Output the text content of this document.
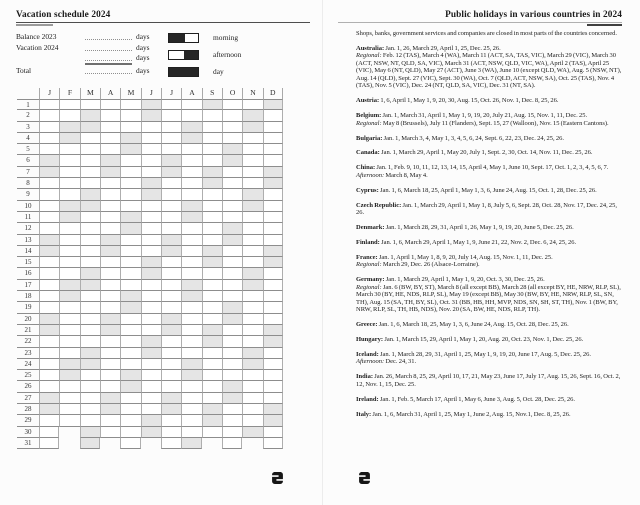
Vacation schedule 2024
Balance 2023	days
Vacation 2024	days
days
Total	days
morning
afternoon
day
J	F	M	A	M	J	J	A	S	O	N	D
1
2
3
4
5
6
7
8
9
10
11
12
13
14
15
16
17
18
19
20
21
22
23
24
25
26
27
28
29
30
31
Public holidays in various countries in 2024

Shops, banks, government services and companies are closed in most parts of the countries concerned.

Australia: Jan. 1, 26, March 29, April 1, 25, Dec. 25, 26.
Regional: Feb. 12 (TAS), March 4 (WA), March 11 (ACT, SA, TAS, VIC), March 29 (VIC), March 30 (ACT, NSW, NT, QLD, SA, VIC), March 31 (ACT, NSW, QLD, VIC, WA), April 2 (TAS), April 25 (VIC), May 6 (NT, QLD), May 27 (ACT), June 3 (WA), June 10 (except QLD, WA), Aug. 5 (NSW, NT), Aug. 14 (QLD), Sept. 27 (VIC), Sept. 30 (WA), Oct. 7 (QLD, ACT, NSW, SA), Oct. 25 (TAS), Nov. 4 (TAS), Nov. 5 (VIC), Dec. 24 (NT, QLD, SA, VIC), Dec. 31 (NT, SA).

Austria: 1, 6, April 1, May 1, 9, 20, 30, Aug. 15, Oct. 26, Nov. 1, Dec. 8, 25, 26.

Belgium: Jan. 1, March 31, April 1, May 1, 9, 19, 20, July 21, Aug. 15, Nov. 1, 11, Dec. 25.
Regional: May 8 (Brussels), July 11 (Flanders), Sept. 15, 27 (Walloon), Nov. 15 (Eastern Cantons).

Bulgaria: Jan. 1, March 3, 4, May 1, 3, 4, 5, 6, 24, Sept. 6, 22, 23, Dec. 24, 25, 26.

Canada: Jan. 1, March 29, April 1, May 20, July 1, Sept. 2, 30, Oct. 14, Nov. 11, Dec. 25, 26.

China: Jan. 1, Feb. 9, 10, 11, 12, 13, 14, 15, April 4, May 1, June 10, Sept. 17, Oct. 1, 2, 3, 4, 5, 6, 7.
Afternoon: March 8, May 4.

Cyprus: Jan. 1, 6, March 18, 25, April 1, May 1, 3, 6, June 24, Aug. 15, Oct. 1, 28, Dec. 25, 26.

Czech Republic: Jan. 1, March 29, April 1, May 1, 8, July 5, 6, Sept. 28, Oct. 28, Nov. 17, Dec. 24, 25, 26.

Denmark: Jan. 1, March 28, 29, 31, April 1, 26, May 1, 9, 19, 20, June 5, Dec. 25, 26.

Finland: Jan. 1, 6, March 29, April 1, May 1, 9, June 21, 22, Nov. 2, Dec. 6, 24, 25, 26.

France: Jan. 1, April 1, May 1, 8, 9, 20, July 14, Aug. 15, Nov. 1, 11, Dec. 25.
Regional: March 29, Dec. 26 (Alsace-Lorraine).

Germany: Jan. 1, March 29, April 1, May 1, 9, 20, Oct. 3, 30, Dec. 25, 26.
Regional: Jan. 6 (BW, BY, ST), March 8 (all except BB), March 28 (all except BY, HE, NRW, RLP, SL), March 30 (BY, HE, NDS, RLP, SL), May 19 (except BB), May 30 (BW, BY, HE, NRW, RLP, SL, SN, TH), Aug. 15 (SA, TH, BY, SL), Oct. 31 (BB, HB, HH, MVP, NDS, SN, SH, ST, TH), Nov. 1 (BW, BY, NRW, RLP, SL, TH, HB, NDS), Nov. 20 (SA, BW, HE, NDS, RLP, TH).

Greece: Jan. 1, 6, March 18, 25, May 1, 3, 6, June 24, Aug. 15, Oct. 28, Dec. 25, 26.

Hungary: Jan. 1, March 15, 29, April 1, May 1, 20, Aug. 20, Oct. 23, Nov. 1, Dec. 25, 26.

Iceland: Jan. 1, March 28, 29, 31, April 1, 25, May 1, 9, 19, 20, June 17, Aug. 5, Dec. 25, 26.
Afternoon: Dec. 24, 31.

India: Jan. 26, March 8, 25, 29, April 10, 17, 21, May 23, June 17, July 17, Aug. 15, 26, Sept. 16, Oct. 2, 12, Nov. 1, 15, Dec. 25.

Ireland: Jan. 1, Feb. 5, March 17, April 1, May 6, June 3, Aug. 5, Oct. 28, Dec. 25, 26.

Italy: Jan. 1, 6, March 31, April 1, 25, May 1, June 2, Aug. 15, Nov.1, Dec. 8, 25, 26.
